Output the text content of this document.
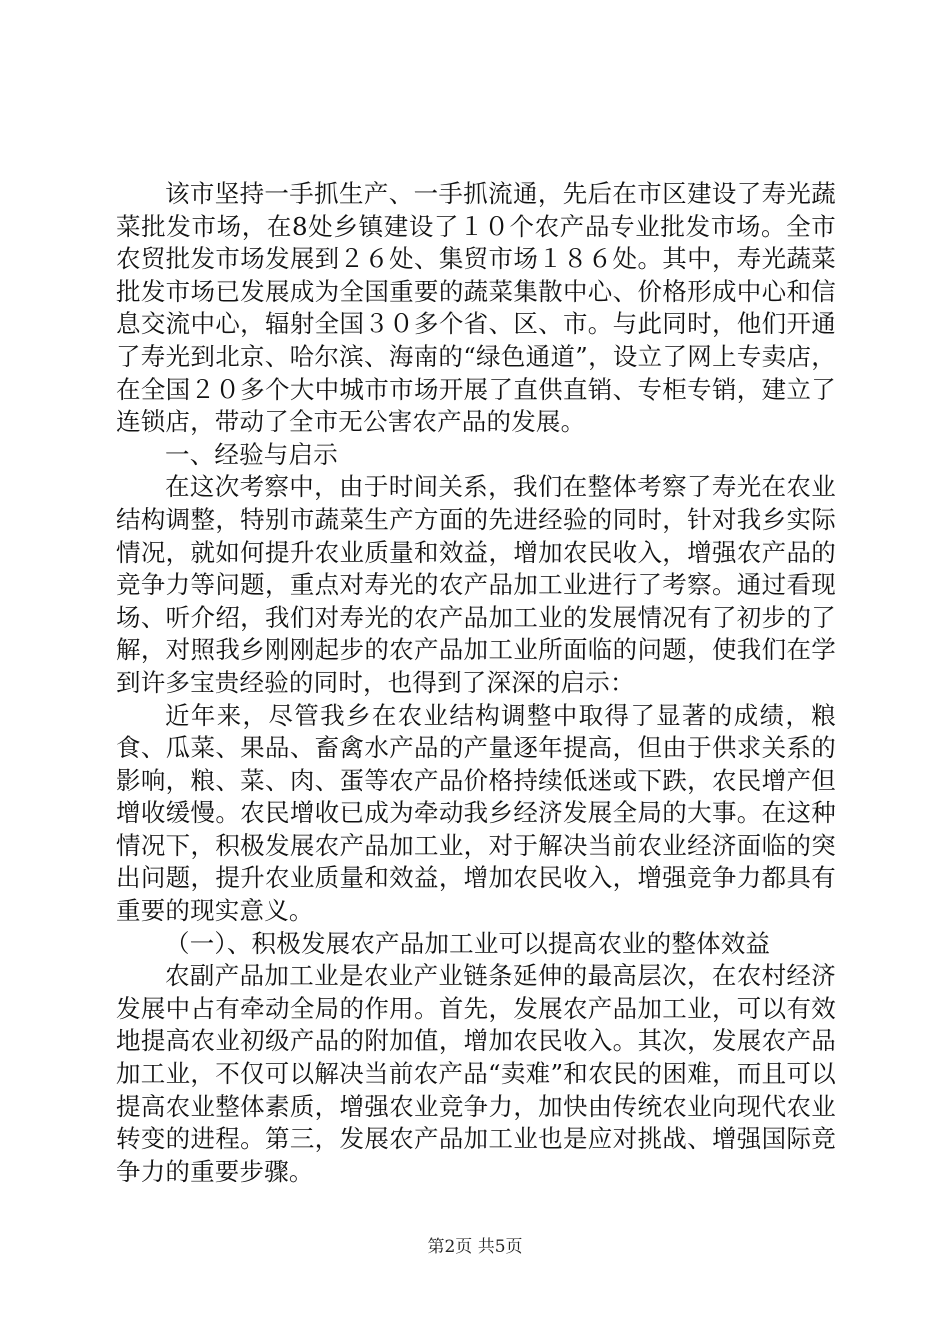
该市坚持一手抓生产、一手抓流通，先后在市区建设了寿光蔬菜批发市场，在8处乡镇建设了１０个农产品专业批发市场。全市农贸批发市场发展到２６处、集贸市场１８６处。其中，寿光蔬菜批发市场已发展成为全国重要的蔬菜集散中心、价格形成中心和信息交流中心，辐射全国３０多个省、区、市。与此同时，他们开通了寿光到北京、哈尔滨、海南的“绿色通道”，设立了网上专卖店，在全国２０多个大中城市市场开展了直供直销、专柜专销，建立了连锁店，带动了全市无公害农产品的发展。

一、经验与启示

在这次考察中，由于时间关系，我们在整体考察了寿光在农业结构调整，特别市蔬菜生产方面的先进经验的同时，针对我乡实际情况，就如何提升农业质量和效益，增加农民收入，增强农产品的竞争力等问题，重点对寿光的农产品加工业进行了考察。通过看现场、听介绍，我们对寿光的农产品加工业的发展情况有了初步的了解，对照我乡刚刚起步的农产品加工业所面临的问题，使我们在学到许多宝贵经验的同时，也得到了深深的启示：

近年来，尽管我乡在农业结构调整中取得了显著的成绩，粮食、瓜菜、果品、畜禽水产品的产量逐年提高，但由于供求关系的影响，粮、菜、肉、蛋等农产品价格持续低迷或下跌，农民增产但增收缓慢。农民增收已成为牵动我乡经济发展全局的大事。在这种情况下，积极发展农产品加工业，对于解决当前农业经济面临的突出问题，提升农业质量和效益，增加农民收入，增强竞争力都具有重要的现实意义。

（一）、积极发展农产品加工业可以提高农业的整体效益

农副产品加工业是农业产业链条延伸的最高层次，在农村经济发展中占有牵动全局的作用。首先，发展农产品加工业，可以有效地提高农业初级产品的附加值，增加农民收入。其次，发展农产品加工业，不仅可以解决当前农产品“卖难”和农民的困难，而且可以提高农业整体素质，增强农业竞争力，加快由传统农业向现代农业转变的进程。第三，发展农产品加工业也是应对挑战、增强国际竞争力的重要步骤。

第2页 共5页
